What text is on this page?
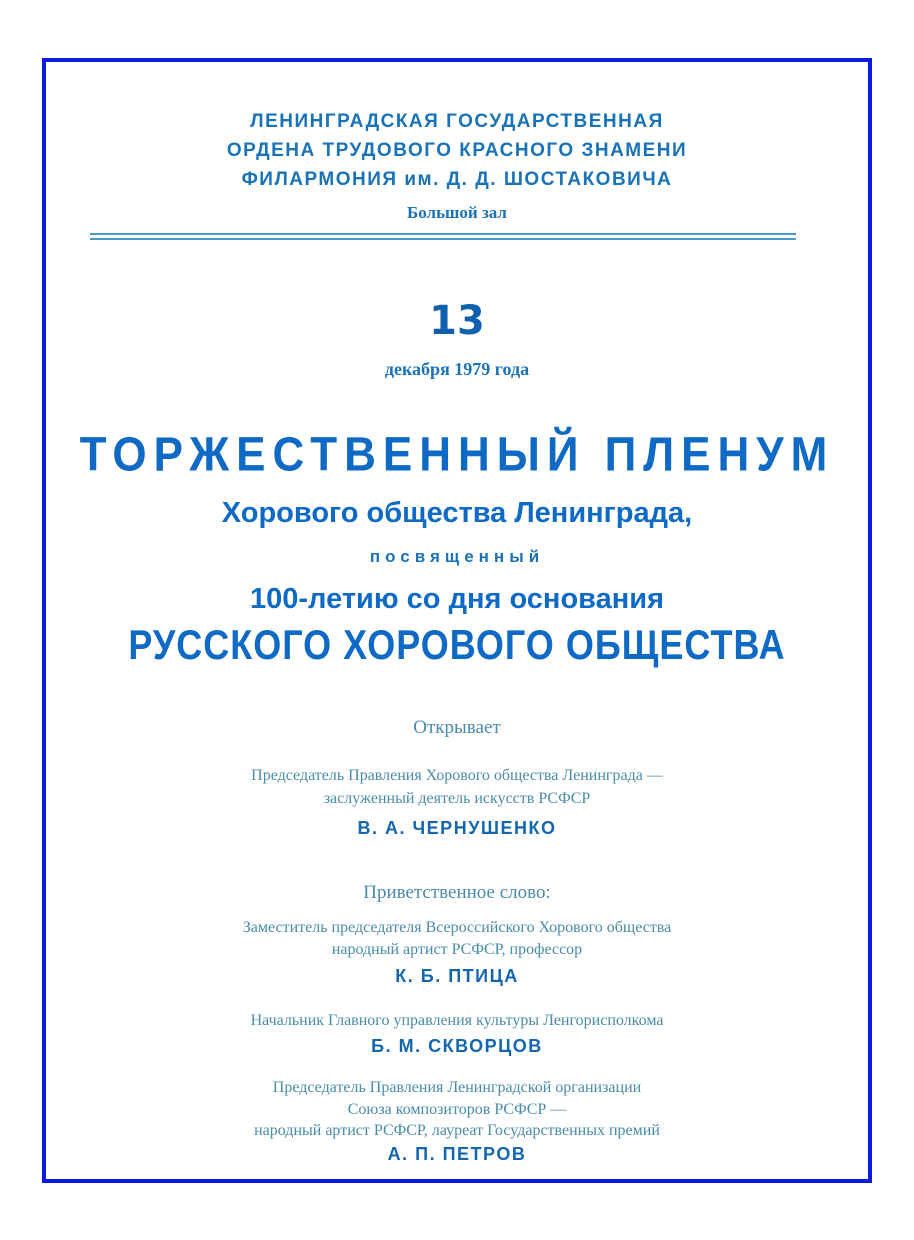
ЛЕНИНГРАДСКАЯ ГОСУДАРСТВЕННАЯ
ОРДЕНА ТРУДОВОГО КРАСНОГО ЗНАМЕНИ
ФИЛАРМОНИЯ им. Д. Д. ШОСТАКОВИЧА
Большой зал
13
декабря 1979 года
ТОРЖЕСТВЕННЫЙ ПЛЕНУМ
Хорового общества Ленинграда,
посвященный
100-летию со дня основания
РУССКОГО ХОРОВОГО ОБЩЕСТВА
Открывает
Председатель Правления Хорового общества Ленинграда —
заслуженный деятель искусств РСФСР
В. А. ЧЕРНУШЕНКО
Приветственное слово:
Заместитель председателя Всероссийского Хорового общества
народный артист РСФСР, профессор
К. Б. ПТИЦА
Начальник Главного управления культуры Ленгорисполкома
Б. М. СКВОРЦОВ
Председатель Правления Ленинградской организации
Союза композиторов РСФСР —
народный артист РСФСР, лауреат Государственных премий
А. П. ПЕТРОВ
